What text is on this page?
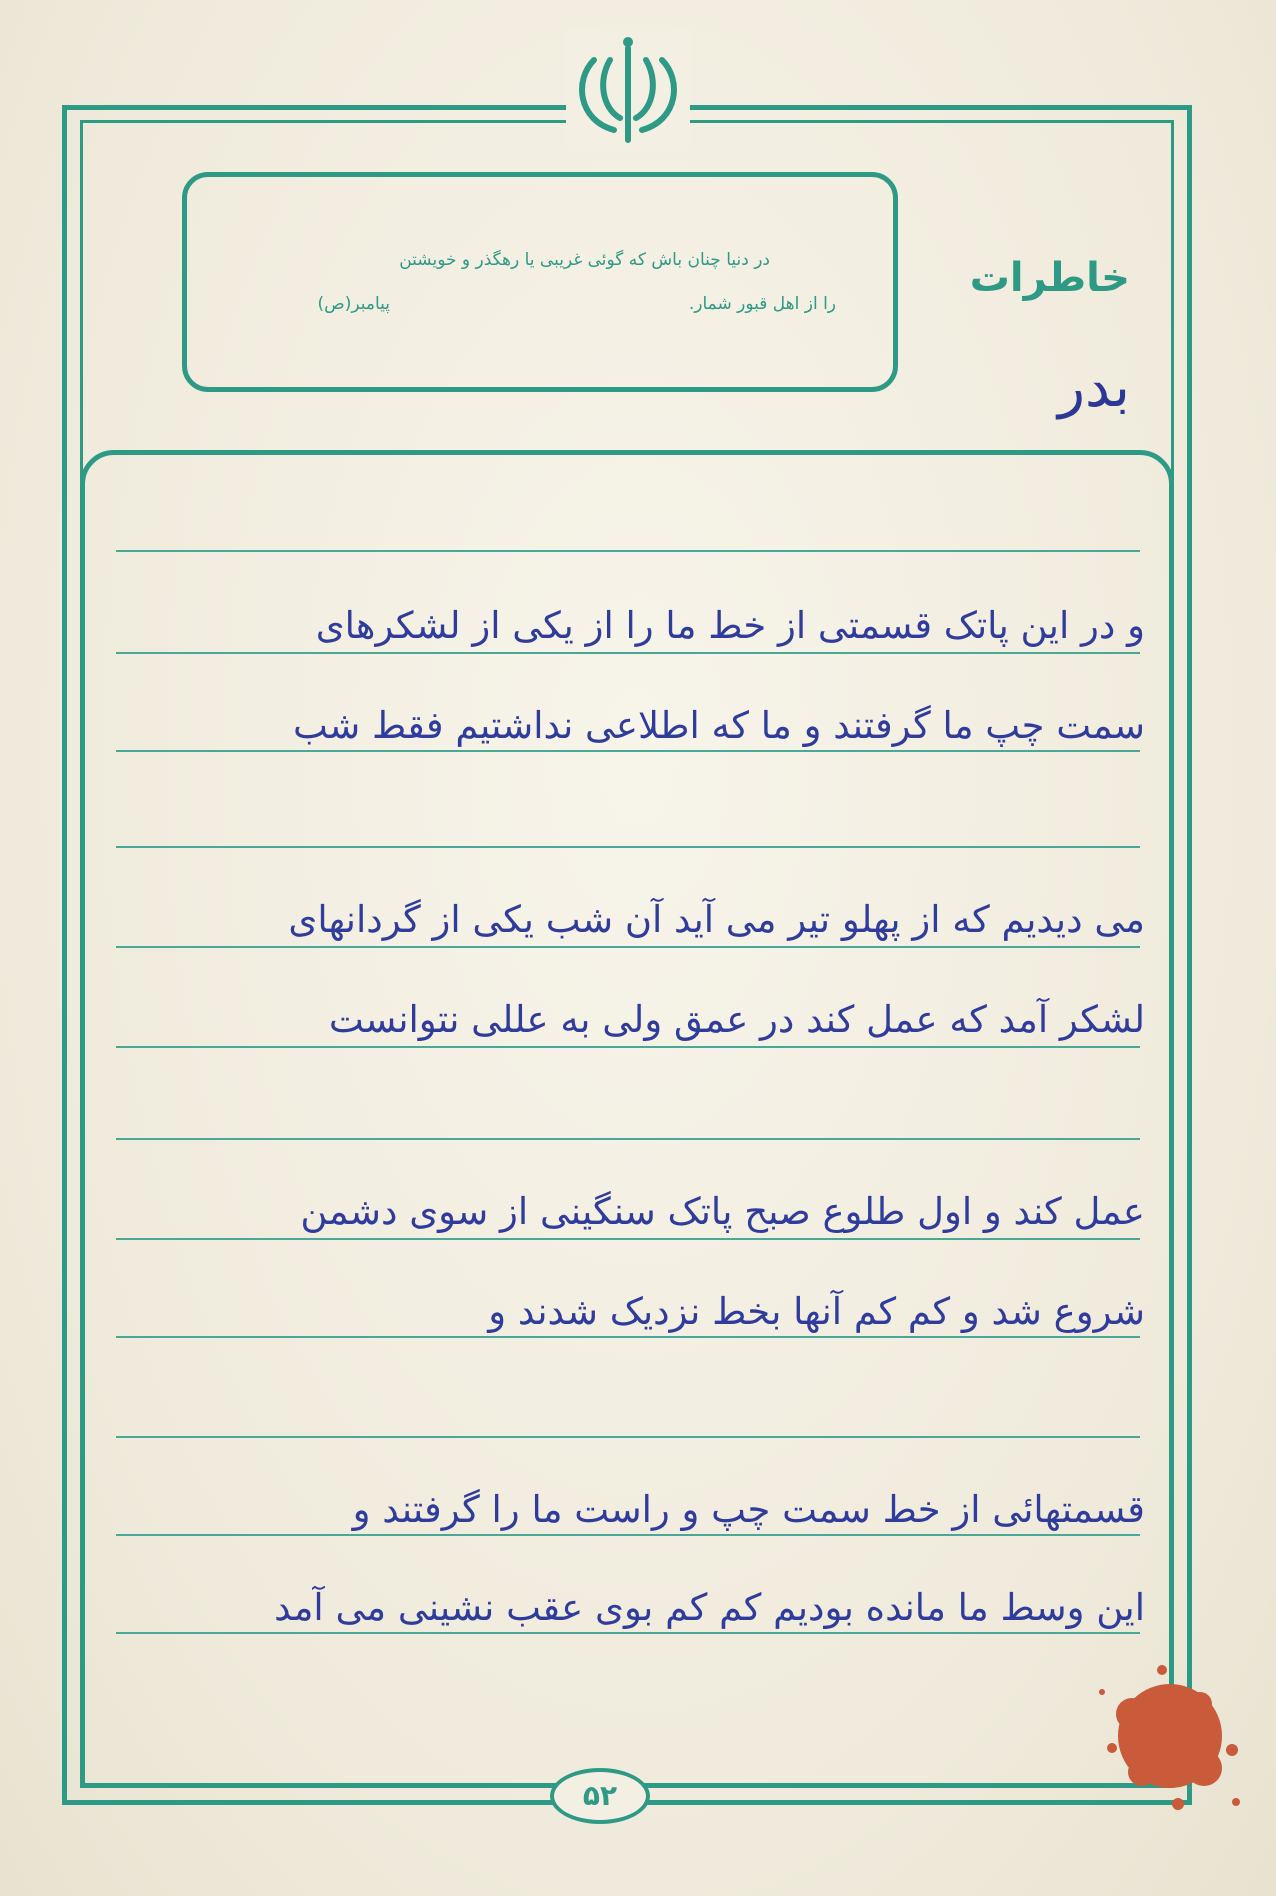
در دنیا چنان باش که گوئی غریبی یا رهگذر و خویشتن
را از اهل قبور شمار.
پیامبر(ص)
خاطرات
بدر
و در این پاتک قسمتی از خط ما را از یکی از لشکرهای
سمت چپ ما گرفتند و ما که اطلاعی نداشتیم فقط شب
می دیدیم که از پهلو تیر می آید آن شب یکی از گردانهای
لشکر آمد که عمل کند در عمق ولی به عللی نتوانست
عمل کند و اول طلوع صبح پاتک سنگینی از سوی دشمن
شروع شد و کم کم آنها بخط نزدیک شدند و
قسمتهائی از خط سمت چپ و راست ما را گرفتند و
این وسط ما مانده بودیم کم کم بوی عقب نشینی می آمد
۵۲
